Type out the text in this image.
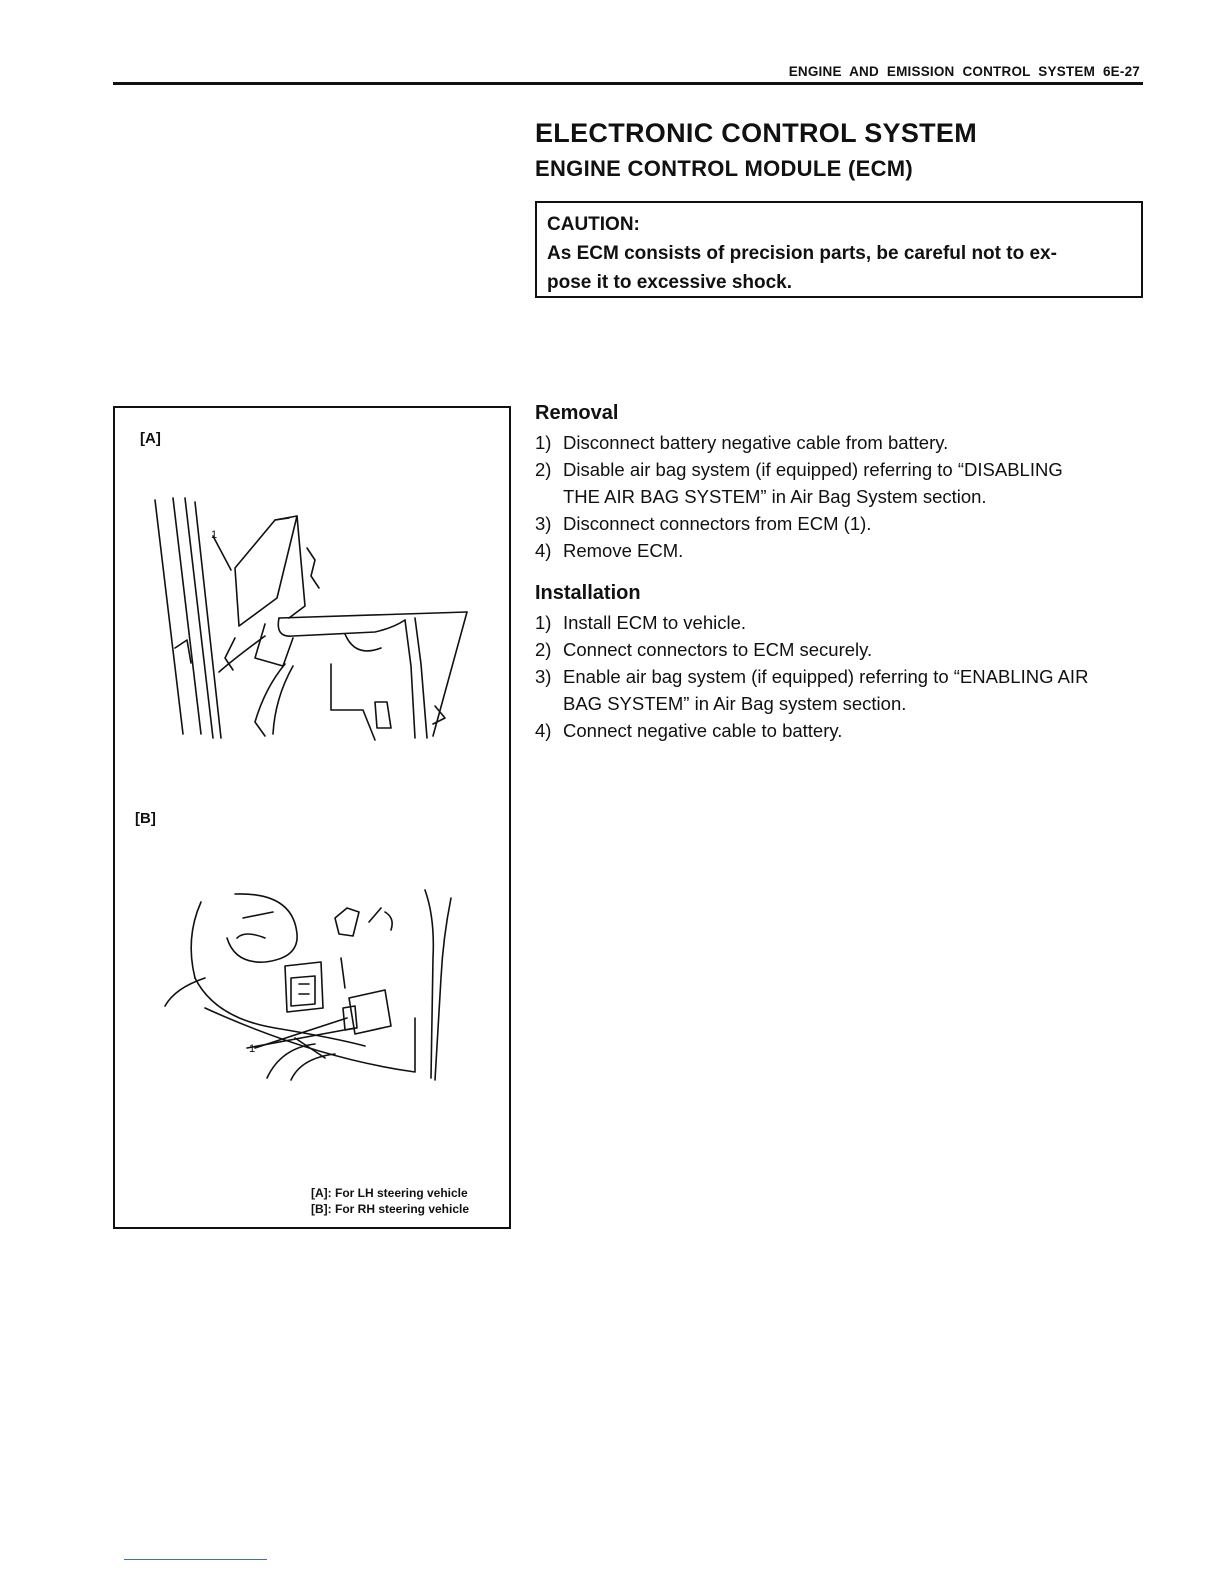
ENGINE AND EMISSION CONTROL SYSTEM 6E-27
ELECTRONIC CONTROL SYSTEM
ENGINE CONTROL MODULE (ECM)
CAUTION:
As ECM consists of precision parts, be careful not to ex-
pose it to excessive shock.
[A]
[B]
1
1
[A]: For LH steering vehicle
[B]: For RH steering vehicle
Removal
1) Disconnect battery negative cable from battery.
2) Disable air bag system (if equipped) referring to “DISABLING
THE AIR BAG SYSTEM” in Air Bag System section.
3) Disconnect connectors from ECM (1).
4) Remove ECM.
Installation
1) Install ECM to vehicle.
2) Connect connectors to ECM securely.
3) Enable air bag system (if equipped) referring to “ENABLING AIR
BAG SYSTEM” in Air Bag system section.
4) Connect negative cable to battery.
